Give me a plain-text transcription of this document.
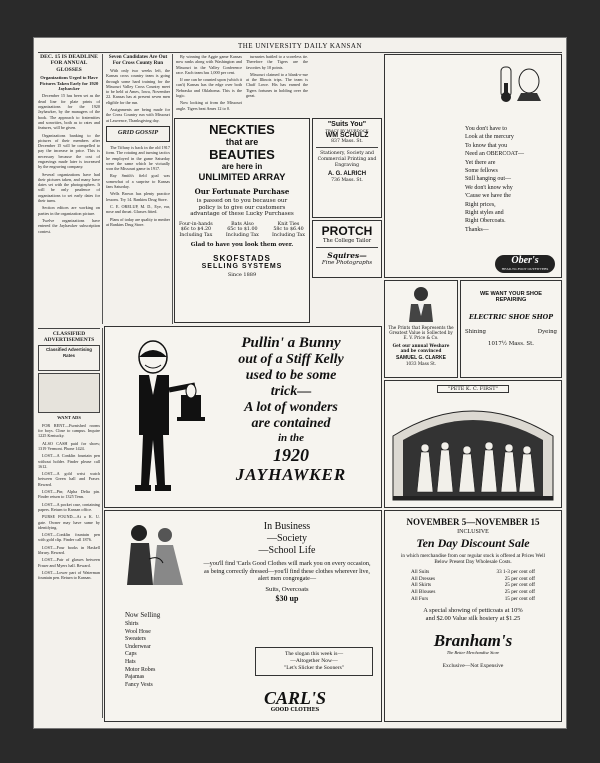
THE UNIVERSITY DAILY KANSAN
DEC. 15 IS DEADLINE FOR ANNUAL GLOSSES
Organizations Urged to Have Pictures Taken Early for 1920 Jayhawker

December 15 has been set as the dead line for plate prints of organizations for the 1920 Jayhawker, by the managers of the book. The approach to fraternities and sororities, both as to rates and features, will be given.

Organizations banking to the pictures of their members after December 15 will be compelled to pay the increase in price. This is necessary because the cost of engravings made later is increased by the engraving company.

Several organizations have had their pictures taken, and many have dates set with the photographers. It will be only prudence of organizations to set early dates for their turns.

Section editors are working on parties in the organization picture.

Twelve organizations have entered the Jayhawker subscription contest.

CLASSIFIED ADVERTISEMENTS
Classified Advertising Rates
WANT ADS

FOR RENT—Furnished rooms for boys. Close to campus. Inquire 1225 Kentucky.

ALSO CASH paid for shoes; 1319 Vermont. Phone 1424.

LOST—A Conklin fountain pen without holder. Finder please call 1612.

LOST—A gold wrist watch between Green hall and Fraser. Reward.

LOST—Pin; Alpha Delta pin. Finder return to 1325 Tenn.

LOST—A pocket case, containing papers. Return to Kansan office.

PURSE FOUND—At a K. U. gate. Owner may have same by identifying.

LOST—Conklin fountain pen with gold clip. Finder call 1876.

LOST—Four books in Haskell library. Reward.

LOST—Pair of glasses between Fraser and Myers hall. Reward.

LOST—Lower part of Waterman fountain pen. Return to Kansan.

Seven Candidates Are Out For Cross County Run

With only two weeks left, the Kansas cross country team is going through some hard training for the Missouri Valley Cross Country meet to be held at Ames, Iowa, November 22. Kansas has at present seven men eligible for the run.

Assignments are being made for the Cross Country run with Missouri at Lawrence, Thanksgiving day.

GRID GOSSIP

The Tiffany is back in the old 1917 form. The rotating and turning tactics he employed in the game Saturday were the same which he victually won the Missouri game in 1917.

Ray Smith's field goal was somewhat of a surprise to Kansas fans Saturday.

Wells Brown has plenty practice lessons. Try 14. Rankins Drug Store.

C. E. ORELUP, M. D., Eye, ear, nose and throat. Glasses fitted.

Plans of today are quality to mmber at Rankins Drug Store.

By winning the Aggie game Kansas now ranks along with Washington and Missouri in the Valley Conference race. Each team has 1,000 per cent.

If one can be counted upon (which it can't) Kansas has the edge over both Nebraska and Oklahoma. This is the logic.

Now looking at from the Missouri angle. Tigers beat Ames 12 to 0.

turnaries battled to a scoreless tie. Therefore the Tigers are the favorites by 10 points.

Missouri claimed to a blank-o-rue at the Illinois trips. The team is Chaff Lowe. His has earned the Tigers fortunes in holding over the great.

NECKTIES
that are
BEAUTIES
are here in
UNLIMITED ARRAY
Our Fortunate Purchase
is passed on to you because our policy is to give our customers advantage of these Lucky Purchases
Four-in-hands
$6c to $4.20
Including Tax
Bats Also
65c to $1.00
Including Tax
Knit Ties
58c to $6.40
Including Tax
Glad to have you look them over.
SKOFSTADS
SELLING SYSTEMS
Since 1889
"Suits You"
TRACY BY MURDOCK
WM SCHULZ
837 Mass. St.
Stationery, Society and Commercial Printing and Engraving
A. G. ALRICH
736 Mass. St.
PROTCH
The College Tailor
Squires—
Fine Photographs
You don't have to
Look at the mercury
To know that you
Need an OBERCOAT—
Yet there are
Some fellows
Still hanging out—
We don't know why
'Cause we have the
Right prices,
Right styles and
Right Obercoats.
Thanks—
Ober's
HEAD-TO-FOOT OUTFITTERS
The Prints that Represents the Greatest Value is Sollected by E. V. Price & Co.
Get our annual Weshare and be convinced
SAMUEL G. CLARKE
1033 Mass St.
WE WANT YOUR SHOE REPAIRING
ELECTRIC SHOE SHOP
Shining	Dyeing
1017½ Mass. St.
Pullin' a Bunny
out of a Stiff Kelly
used to be some
trick—
A lot of wonders
are contained
in the
1920
JAYHAWKER
"PETE K. C. FIRST"
In Business
—Society
—School Life
—you'll find 'Carls Good Clothes will mark you on every occasion, as being correctly dressed—you'll find these clothes wherever live, alert men congregate—
Suits, Overcoats
$30 up
Now Selling
Shirts
Wool Hose
Sweaters
Underwear
Caps
Hats
Motor Robes
Pajamas
Fancy Vests
The slogan this week is—
—Altogether Now—
"Let's Slicker the Sooners"
CARL'S
GOOD CLOTHES
NOVEMBER 5—NOVEMBER 15
INCLUSIVE
Ten Day Discount Sale
in which merchandise from our regular stock is offered at Prices Well Below Present Day Wholesale Costs.
All Suits	33 1-3 per cent off
All Dresses	25 per cent off
All Skirts	25 per cent off
All Blouses	25 per cent off
All Furs	15 per cent off
A special showing of petticoats at 10%
and $2.00 Value silk hosiery at $1.25
Branham's
The Better Merchandise Store
Exclusive—Not Expensive
